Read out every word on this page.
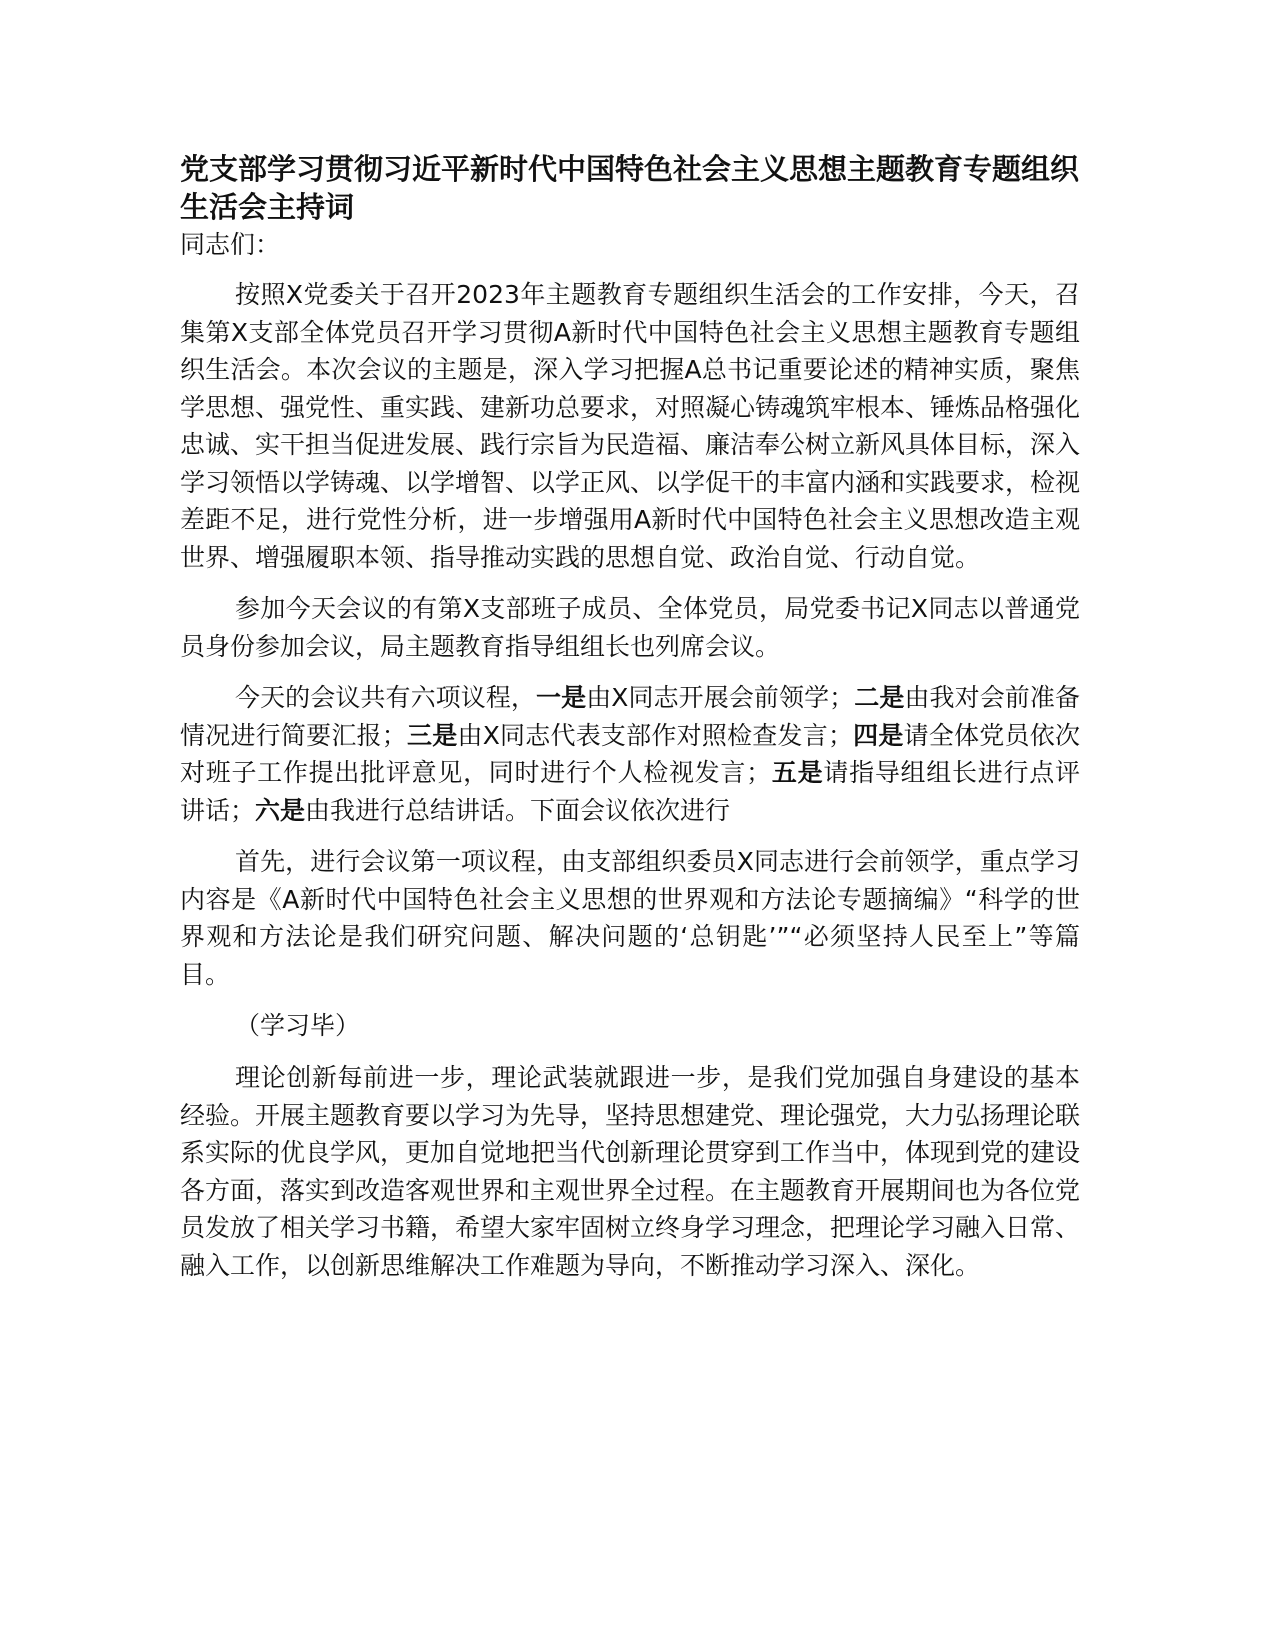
党支部学习贯彻习近平新时代中国特色社会主义思想主题教育专题组织生活会主持词

同志们：

按照X党委关于召开2023年主题教育专题组织生活会的工作安排，今天，召集第X支部全体党员召开学习贯彻A新时代中国特色社会主义思想主题教育专题组织生活会。本次会议的主题是，深入学习把握A总书记重要论述的精神实质，聚焦学思想、强党性、重实践、建新功总要求，对照凝心铸魂筑牢根本、锤炼品格强化忠诚、实干担当促进发展、践行宗旨为民造福、廉洁奉公树立新风具体目标，深入学习领悟以学铸魂、以学增智、以学正风、以学促干的丰富内涵和实践要求，检视差距不足，进行党性分析，进一步增强用A新时代中国特色社会主义思想改造主观世界、增强履职本领、指导推动实践的思想自觉、政治自觉、行动自觉。

参加今天会议的有第X支部班子成员、全体党员，局党委书记X同志以普通党员身份参加会议，局主题教育指导组组长也列席会议。

今天的会议共有六项议程，一是由X同志开展会前领学；二是由我对会前准备情况进行简要汇报；三是由X同志代表支部作对照检查发言；四是请全体党员依次对班子工作提出批评意见，同时进行个人检视发言；五是请指导组组长进行点评讲话；六是由我进行总结讲话。下面会议依次进行

首先，进行会议第一项议程，由支部组织委员X同志进行会前领学，重点学习内容是《A新时代中国特色社会主义思想的世界观和方法论专题摘编》“科学的世界观和方法论是我们研究问题、解决问题的‘总钥匙’”“必须坚持人民至上”等篇目。

（学习毕）

理论创新每前进一步，理论武装就跟进一步，是我们党加强自身建设的基本经验。开展主题教育要以学习为先导，坚持思想建党、理论强党，大力弘扬理论联系实际的优良学风，更加自觉地把当代创新理论贯穿到工作当中，体现到党的建设各方面，落实到改造客观世界和主观世界全过程。在主题教育开展期间也为各位党员发放了相关学习书籍，希望大家牢固树立终身学习理念，把理论学习融入日常、融入工作，以创新思维解决工作难题为导向，不断推动学习深入、深化。
